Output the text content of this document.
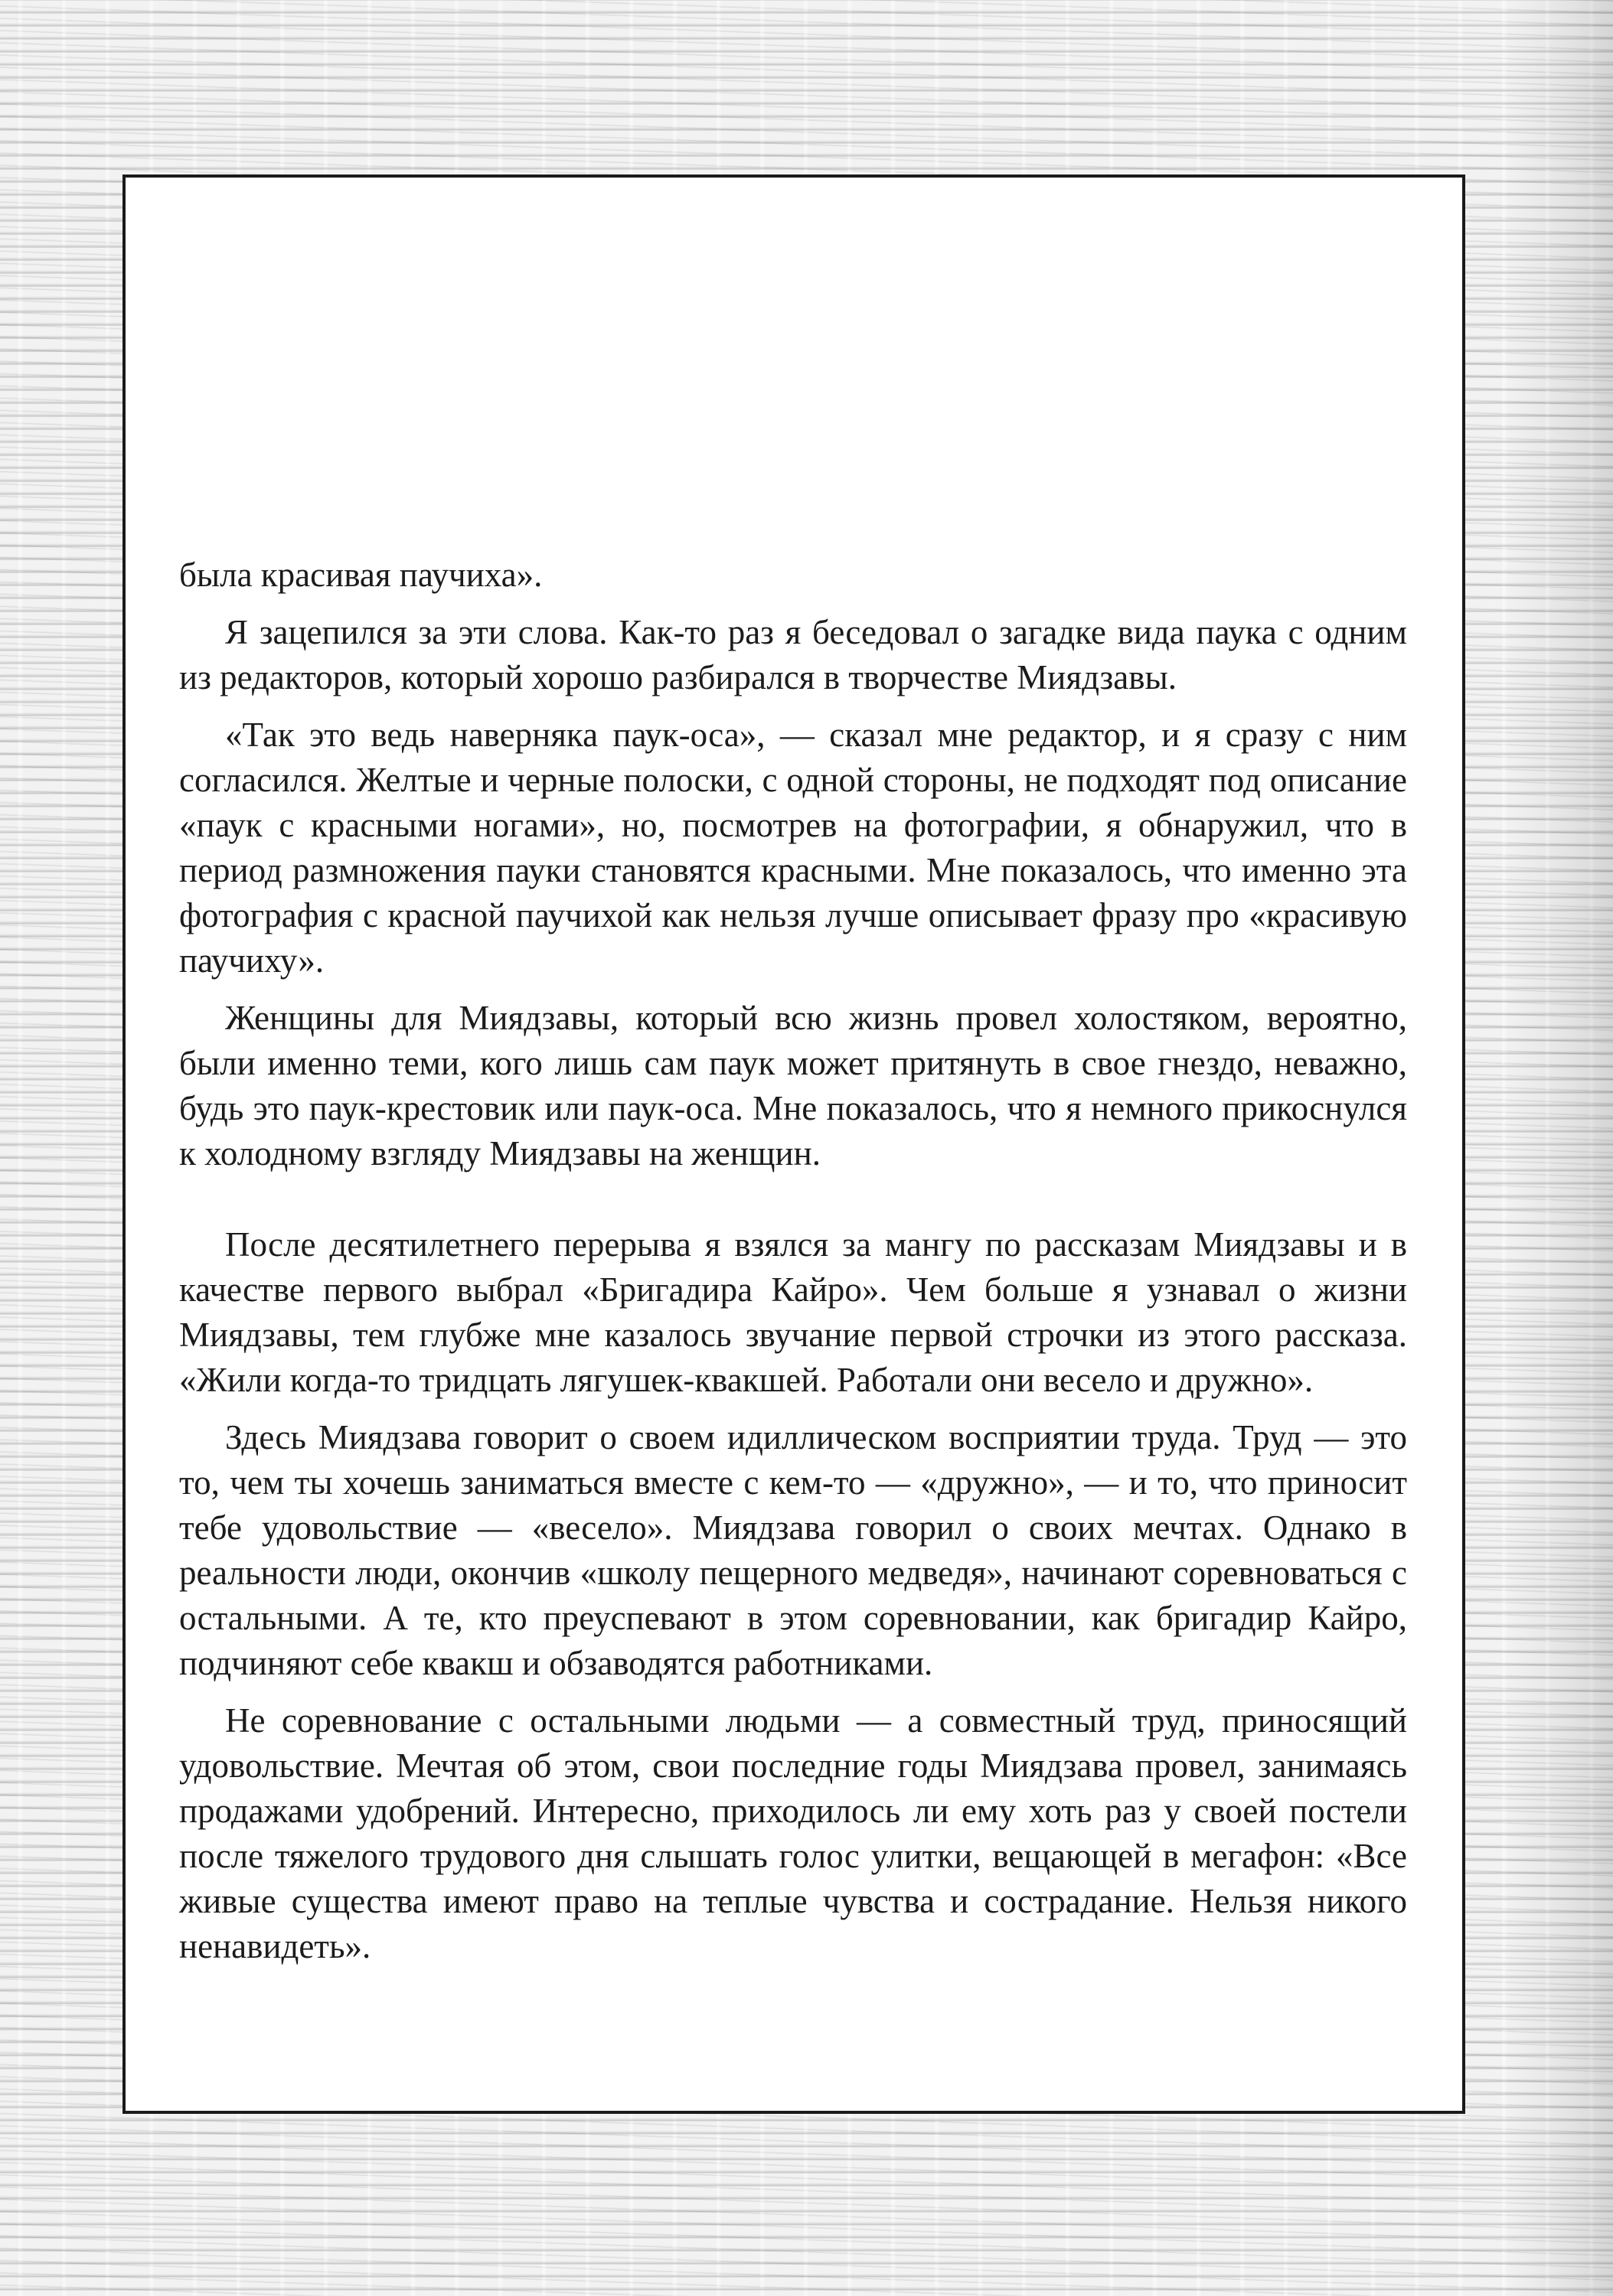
была красивая паучиха».

Я зацепился за эти слова. Как-то раз я беседовал о загадке вида паука с одним из редакторов, который хорошо разбирался в творчестве Миядзавы.

«Так это ведь наверняка паук-оса», — сказал мне редактор, и я сразу с ним согласился. Желтые и черные полоски, с одной стороны, не подходят под описание «паук с красными ногами», но, посмотрев на фотографии, я обнаружил, что в период размножения пауки становятся красными. Мне показалось, что именно эта фотография с красной паучихой как нельзя лучше описывает фразу про «красивую паучиху».

Женщины для Миядзавы, который всю жизнь провел холостяком, вероятно, были именно теми, кого лишь сам паук может притянуть в свое гнездо, неважно, будь это паук-крестовик или паук-оса. Мне показалось, что я немного прикоснулся к холодному взгляду Миядзавы на женщин.

После десятилетнего перерыва я взялся за мангу по рассказам Миядзавы и в качестве первого выбрал «Бригадира Кайро». Чем больше я узнавал о жизни Миядзавы, тем глубже мне казалось звучание первой строчки из этого рассказа. «Жили когда-то тридцать лягушек-квакшей. Работали они весело и дружно».

Здесь Миядзава говорит о своем идиллическом восприятии труда. Труд — это то, чем ты хочешь заниматься вместе с кем-то — «дружно», — и то, что приносит тебе удовольствие — «весело». Миядзава говорил о своих мечтах. Однако в реальности люди, окончив «школу пещерного медведя», начинают соревноваться с остальными. А те, кто преуспевают в этом соревновании, как бригадир Кайро, подчиняют себе квакш и обзаводятся работниками.

Не соревнование с остальными людьми — а совместный труд, приносящий удовольствие. Мечтая об этом, свои последние годы Миядзава провел, занимаясь продажами удобрений. Интересно, приходилось ли ему хоть раз у своей постели после тяжелого трудового дня слышать голос улитки, вещающей в мегафон: «Все живые существа имеют право на теплые чувства и сострадание. Нельзя никого ненавидеть».
